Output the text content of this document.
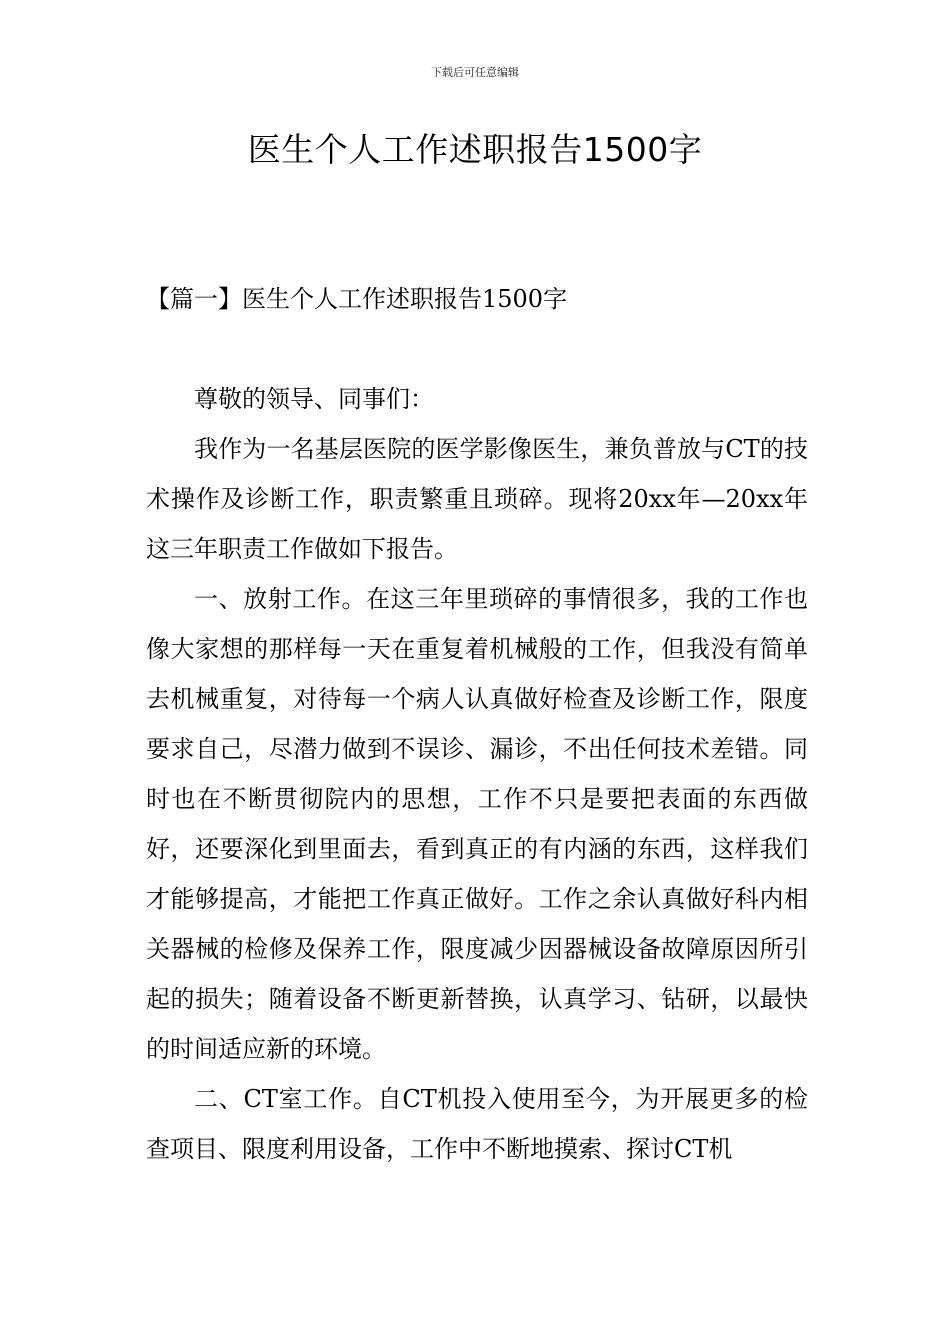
下载后可任意编辑
医生个人工作述职报告1500字
【篇一】医生个人工作述职报告1500字

尊敬的领导、同事们：

我作为一名基层医院的医学影像医生，兼负普放与CT的技术操作及诊断工作，职责繁重且琐碎。现将20xx年—20xx年这三年职责工作做如下报告。

一、放射工作。在这三年里琐碎的事情很多，我的工作也像大家想的那样每一天在重复着机械般的工作，但我没有简单去机械重复，对待每一个病人认真做好检查及诊断工作，限度要求自己，尽潜力做到不误诊、漏诊，不出任何技术差错。同时也在不断贯彻院内的思想，工作不只是要把表面的东西做好，还要深化到里面去，看到真正的有内涵的东西，这样我们才能够提高，才能把工作真正做好。工作之余认真做好科内相关器械的检修及保养工作，限度减少因器械设备故障原因所引起的损失；随着设备不断更新替换，认真学习、钻研，以最快的时间适应新的环境。

二、CT室工作。自CT机投入使用至今，为开展更多的检查项目、限度利用设备，工作中不断地摸索、探讨CT机
